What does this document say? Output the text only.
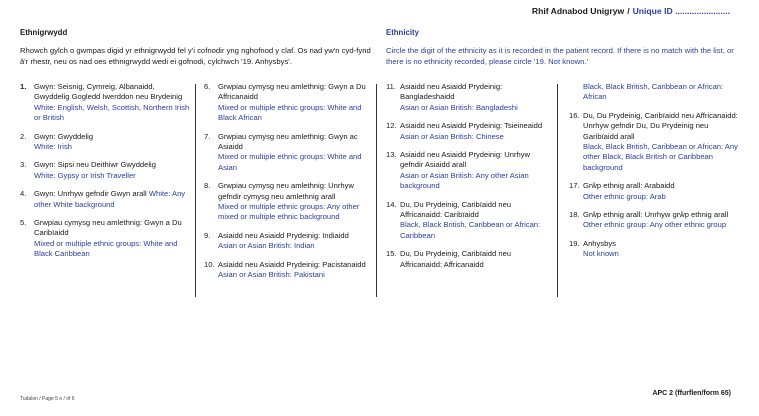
Rhif Adnabod Unigryw / Unique ID .......................
Ethnigrwydd
Rhowch gylch o gwmpas digid yr ethnigrwydd fel y'i cofnodir yng nghofnod y claf. Os nad yw'n cyd-fynd â'r rhestr, neu os nad oes ethnigrwydd wedi ei gofnodi, cylchwch '19. Anhysbys'.
Ethnicity
Circle the digit of the ethnicity as it is recorded in the patient record. If there is no match with the list, or there is no ethnicity recorded, please circle '19. Not known.'
1.	Gwyn: Seisnig, Cymreig, Albanaidd, Gwyddelig Gogledd Iwerddon neu Brydeinig
White: English, Welsh, Scottish, Northern Irish or British
2.	Gwyn: Gwyddelig
White: Irish
3.	Gwyn: Sipsi neu Deithiwr Gwyddelig
White: Gypsy or Irish Traveller
4.	Gwyn: Unrhyw gefndir Gwyn arall White: Any other White background
5.	Grwpiau cymysg neu amlethnig: Gwyn a Du Caribïaidd
Mixed or multiple ethnic groups: White and Black Caribbean
6.	Grwpiau cymysg neu amlethnig: Gwyn a Du Affricanaidd
Mixed or multiple ethnic groups: White and Black African
7.	Grwpiau cymysg neu amlethnig: Gwyn ac Asiaidd
Mixed or multiple ethnic groups: White and Asian
8.	Grwpiau cymysg neu amlethnig: Unrhyw gefndir cymysg neu amlethnig arall
Mixed or multiple ethnic groups: Any other mixed or multiple ethnic background
9.	Asiaidd neu Asiaidd Prydeinig: Indiaidd
Asian or Asian British: Indian
10. Asiaidd neu Asiaidd Prydeinig: Pacistanaidd
Asian or Asian British: Pakistani
11. Asiaidd neu Asiaidd Prydeinig: Bangladeshaidd
Asian or Asian British: Bangladeshi
12. Asiaidd neu Asiaidd Prydeinig: Tsieineaidd
Asian or Asian British: Chinese
13. Asiaidd neu Asiaidd Prydeinig: Unrhyw gefndir Asiaidd arall
Asian or Asian British: Any other Asian background
14. Du, Du Prydeinig, Caribïaidd neu Affricanaidd: Caribïaidd
Black, Black British, Caribbean or African: Caribbean
15. Du, Du Prydeinig, Caribïaidd neu Affricanaidd: Affricanaidd
Black, Black British, Caribbean or African: African
16. Du, Du Prydeinig, Caribïaidd neu Affricanaidd: Unrhyw gefndir Du, Du Prydeinig neu Garibïaidd arall
Black, Black British, Caribbean or African: Any other Black, Black British or Caribbean background
17. Grŵp ethnig arall: Arabaidd
Other ethnic group: Arab
18. Grŵp ethnig arall: Unrhyw grŵp ethnig arall
Other ethnic group: Any other ethnic group
19. Anhysbys
Not known
Tudalen / Page 5 o / of 6
APC 2 (ffurflen/form 65)
